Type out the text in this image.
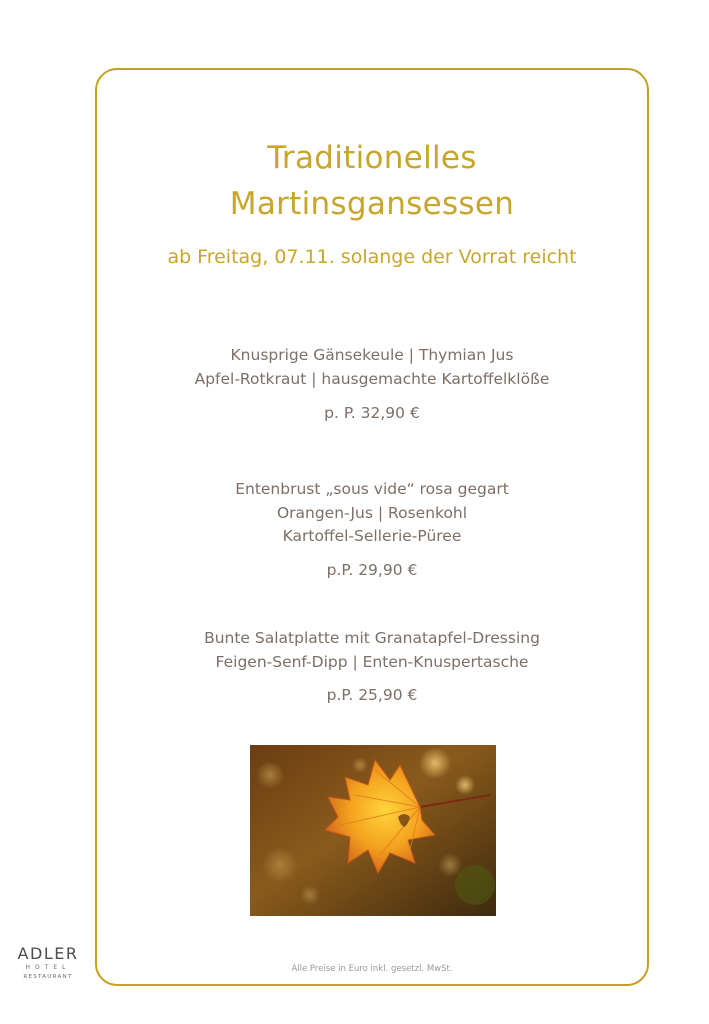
Traditionelles
Martinsgansessen
ab Freitag, 07.11. solange der Vorrat reicht
Knusprige Gänsekeule | Thymian Jus
Apfel-Rotkraut | hausgemachte Kartoffelklöße
p. P. 32,90 €
Entenbrust „sous vide“ rosa gegart
Orangen-Jus | Rosenkohl
Kartoffel-Sellerie-Püree
p.P. 29,90 €
Bunte Salatplatte mit Granatapfel-Dressing
Feigen-Senf-Dipp | Enten-Knuspertasche
p.P. 25,90 €
Alle Preise in Euro inkl. gesetzl. MwSt.
ADLER
HOTEL
RESTAURANT
